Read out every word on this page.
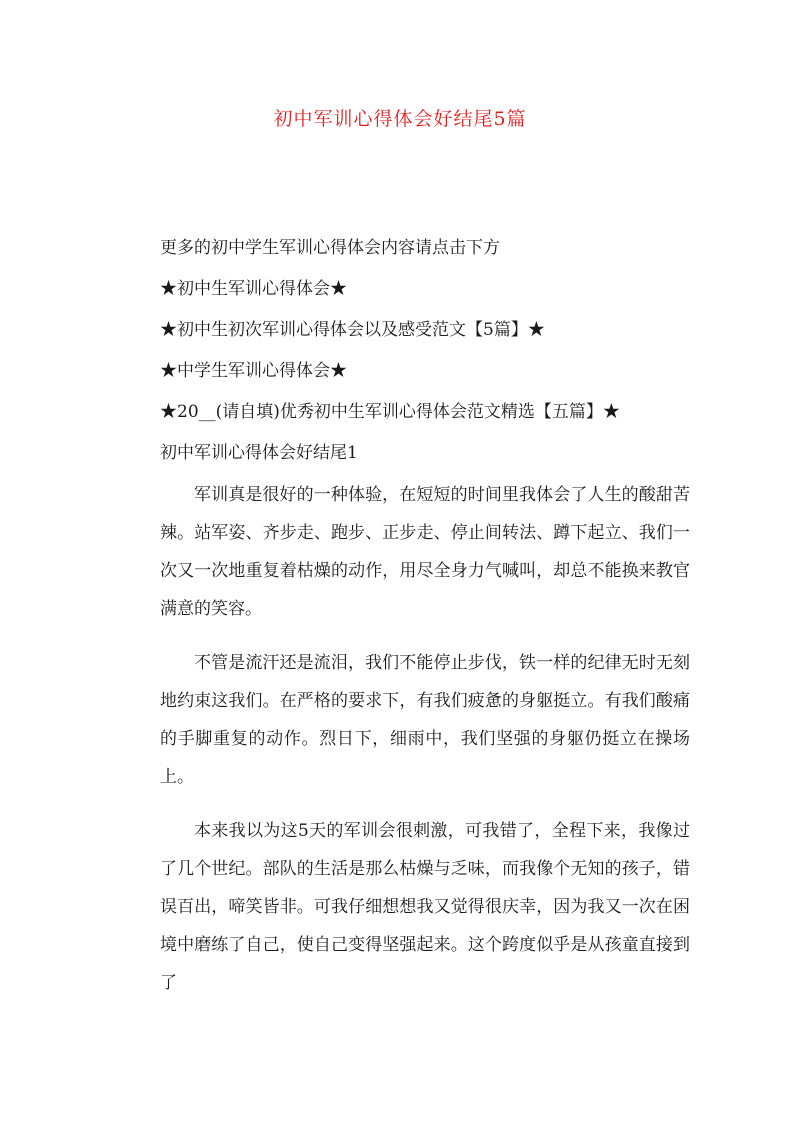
初中军训心得体会好结尾5篇

更多的初中学生军训心得体会内容请点击下方

★初中生军训心得体会★

★初中生初次军训心得体会以及感受范文【5篇】★

★中学生军训心得体会★

★20__(请自填)优秀初中生军训心得体会范文精选【五篇】★

初中军训心得体会好结尾1

军训真是很好的一种体验，在短短的时间里我体会了人生的酸甜苦辣。站军姿、齐步走、跑步、正步走、停止间转法、蹲下起立、我们一次又一次地重复着枯燥的动作，用尽全身力气喊叫，却总不能换来教官满意的笑容。

不管是流汗还是流泪，我们不能停止步伐，铁一样的纪律无时无刻地约束这我们。在严格的要求下，有我们疲惫的身躯挺立。有我们酸痛的手脚重复的动作。烈日下，细雨中，我们坚强的身躯仍挺立在操场上。

本来我以为这5天的军训会很刺激，可我错了，全程下来，我像过了几个世纪。部队的生活是那么枯燥与乏味，而我像个无知的孩子，错误百出，啼笑皆非。可我仔细想想我又觉得很庆幸，因为我又一次在困境中磨练了自己，使自己变得坚强起来。这个跨度似乎是从孩童直接到了
